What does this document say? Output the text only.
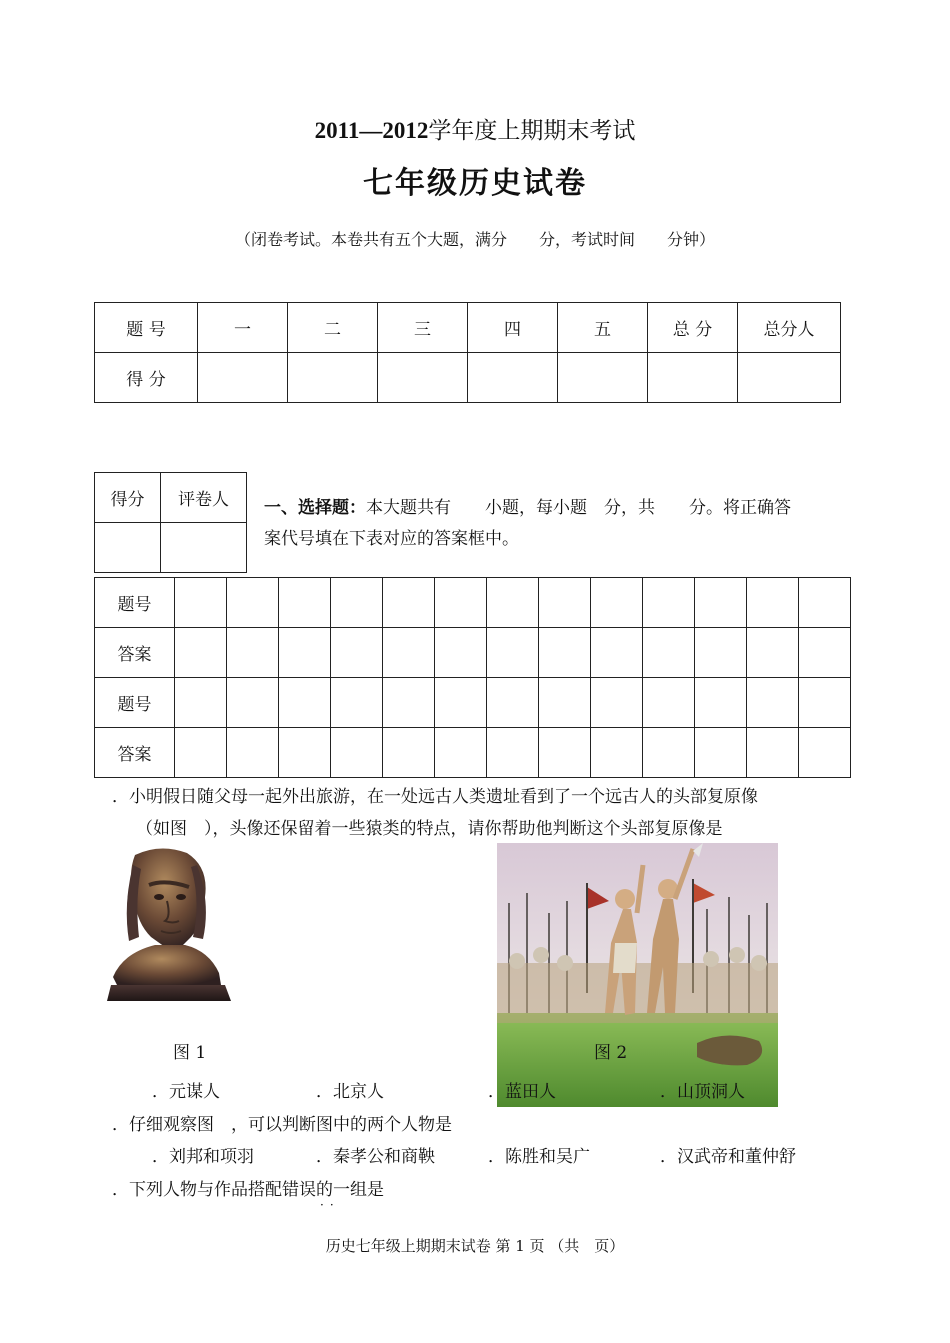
2011—2012学年度上期期末考试
七年级历史试卷
（闭卷考试。本卷共有五个大题，满分　　分，考试时间　　分钟）
题 号	一	二	三	四	五	总 分	总分人
得 分							
得分	评卷人
	一、选择题：本大题共有　　小题，每小题　分，共　　分。将正确答
案代号填在下表对应的答案框中。
题号													
答案													
题号													
答案													
．小明假日随父母一起外出旅游，在一处远古人类遗址看到了一个远古人的头部复原像
（如图　），头像还保留着一些猿类的特点，请你帮助他判断这个头部复原像是
图 1	图 2
．元谋人	．北京人	．蓝田人	．山顶洞人
．仔细观察图　，可以判断图中的两个人物是
．刘邦和项羽	．秦孝公和商鞅	．陈胜和吴广	．汉武帝和董仲舒
．下列人物与作品搭配错误的一组是
··
历史七年级上期期末试卷 第 1 页 （共　页）
